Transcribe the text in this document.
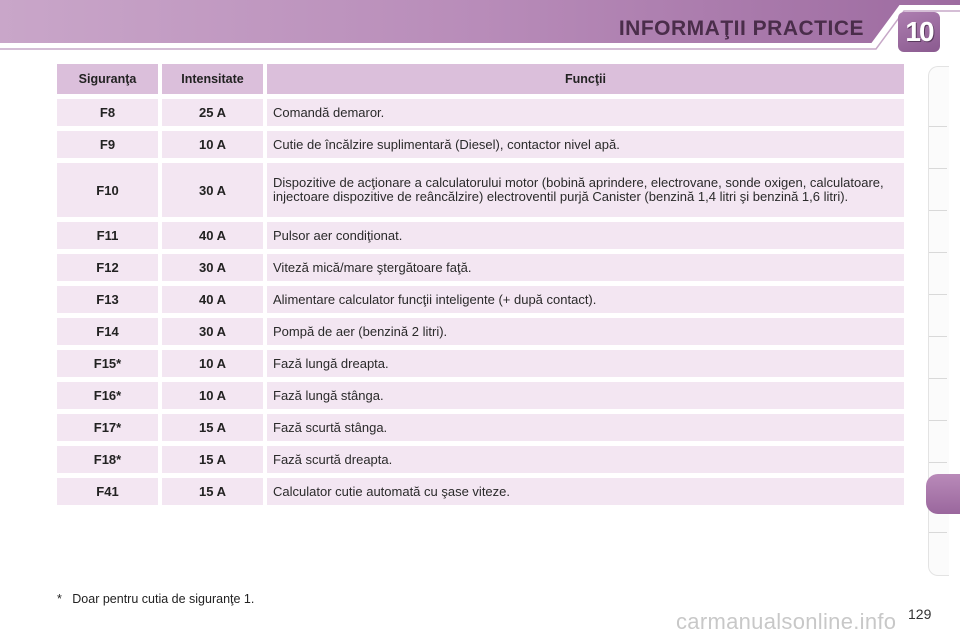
INFORMAŢII PRACTICE 10
Siguranţa	Intensitate	Funcţii
F8	25 A	Comandă demaror.
F9	10 A	Cutie de încălzire suplimentară (Diesel), contactor nivel apă.
F10	30 A	Dispozitive de acţionare a calculatorului motor (bobină aprindere, electrovane, sonde oxigen, calculatoare, injectoare dispozitive de reâncălzire) electroventil purjă Canister (benzină 1,4 litri şi benzină 1,6 litri).
F11	40 A	Pulsor aer condiţionat.
F12	30 A	Viteză mică/mare ştergătoare faţă.
F13	40 A	Alimentare calculator funcţii inteligente (+ după contact).
F14	30 A	Pompă de aer (benzină 2 litri).
F15*	10 A	Fază lungă dreapta.
F16*	10 A	Fază lungă stânga.
F17*	15 A	Fază scurtă stânga.
F18*	15 A	Fază scurtă dreapta.
F41	15 A	Calculator cutie automată cu şase viteze.
*   Doar pentru cutia de siguranţe 1.
carmanualsonline.info 129
